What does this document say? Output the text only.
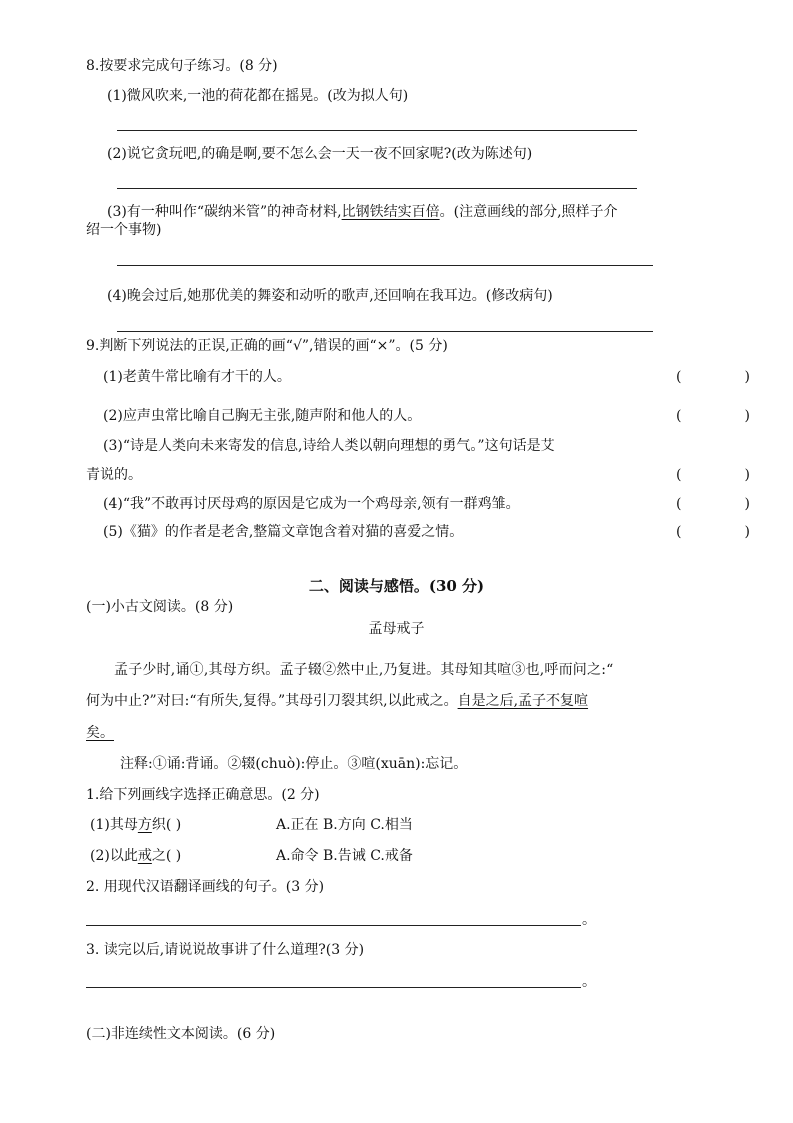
8.按要求完成句子练习。(8 分)
(1)微风吹来,一池的荷花都在摇晃。(改为拟人句)
(2)说它贪玩吧,的确是啊,要不怎么会一天一夜不回家呢?(改为陈述句)
(3)有一种叫作“碳纳米管”的神奇材料,比钢铁结实百倍。(注意画线的部分,照样子介
绍一个事物)
(4)晚会过后,她那优美的舞姿和动听的歌声,还回响在我耳边。(修改病句)
9.判断下列说法的正误,正确的画“√”,错误的画“×”。(5 分)
(1)老黄牛常比喻有才干的人。	(	)
(2)应声虫常比喻自己胸无主张,随声附和他人的人。	(	)
(3)“诗是人类向未来寄发的信息,诗给人类以朝向理想的勇气。”这句话是艾
青说的。	(	)
(4)“我”不敢再讨厌母鸡的原因是它成为一个鸡母亲,领有一群鸡雏。	(	)
(5)《猫》的作者是老舍,整篇文章饱含着对猫的喜爱之情。	(	)
二、阅读与感悟。(30 分)
(一)小古文阅读。(8 分)
孟母戒子
孟子少时,诵①,其母方织。孟子辍②然中止,乃复进。其母知其喧③也,呼而问之:“
何为中止?”对曰:“有所失,复得。”其母引刀裂其织,以此戒之。自是之后,孟子不复喧
矣。
注释:①诵:背诵。②辍(chuò):停止。③喧(xuān):忘记。
1.给下列画线字选择正确意思。(2 分)
(1)其母方织( )	A.正在 B.方向 C.相当
(2)以此戒之( )	A.命令 B.告诫 C.戒备
2. 用现代汉语翻译画线的句子。(3 分)
。
3. 读完以后,请说说故事讲了什么道理?(3 分)
。
(二)非连续性文本阅读。(6 分)
